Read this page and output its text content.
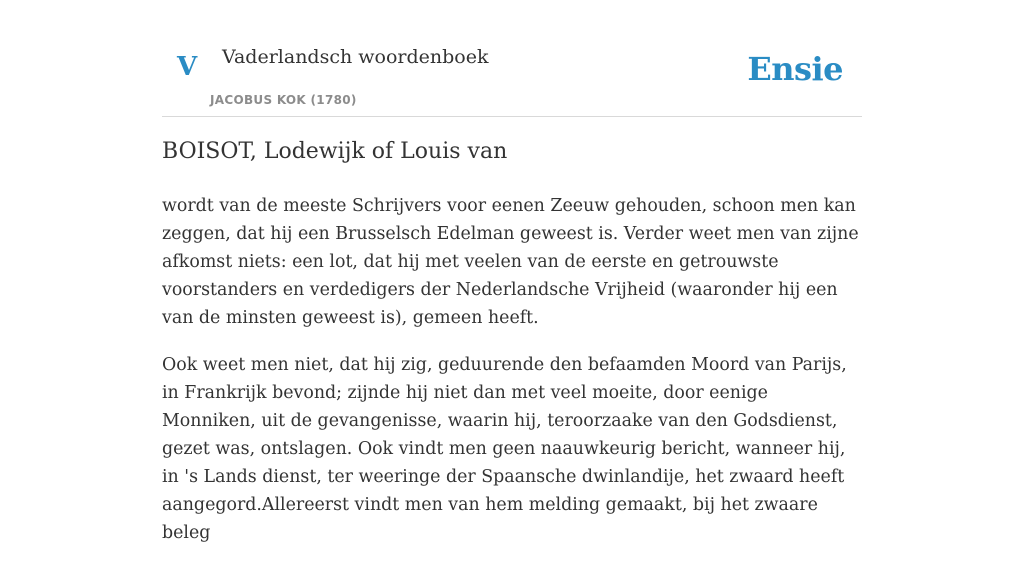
V Vaderlandsch woordenboek
JACOBUS KOK (1780)
Ensie
BOISOT, Lodewijk of Louis van

wordt van de meeste Schrijvers voor eenen Zeeuw gehouden, schoon men kan zeggen, dat hij een Brusselsch Edelman geweest is. Verder weet men van zijne afkomst niets: een lot, dat hij met veelen van de eerste en getrouwste voorstanders en verdedigers der Nederlandsche Vrijheid (waaronder hij een van de minsten geweest is), gemeen heeft.

Ook weet men niet, dat hij zig, geduurende den befaamden Moord van Parijs, in Frankrijk bevond; zijnde hij niet dan met veel moeite, door eenige Monniken, uit de gevangenisse, waarin hij, teroorzaake van den Godsdienst, gezet was, ontslagen. Ook vindt men geen naauwkeurig bericht, wanneer hij, in 's Lands dienst, ter weeringe der Spaansche dwinlandije, het zwaard heeft aangegord.Allereerst vindt men van hem melding gemaakt, bij het zwaare beleg
